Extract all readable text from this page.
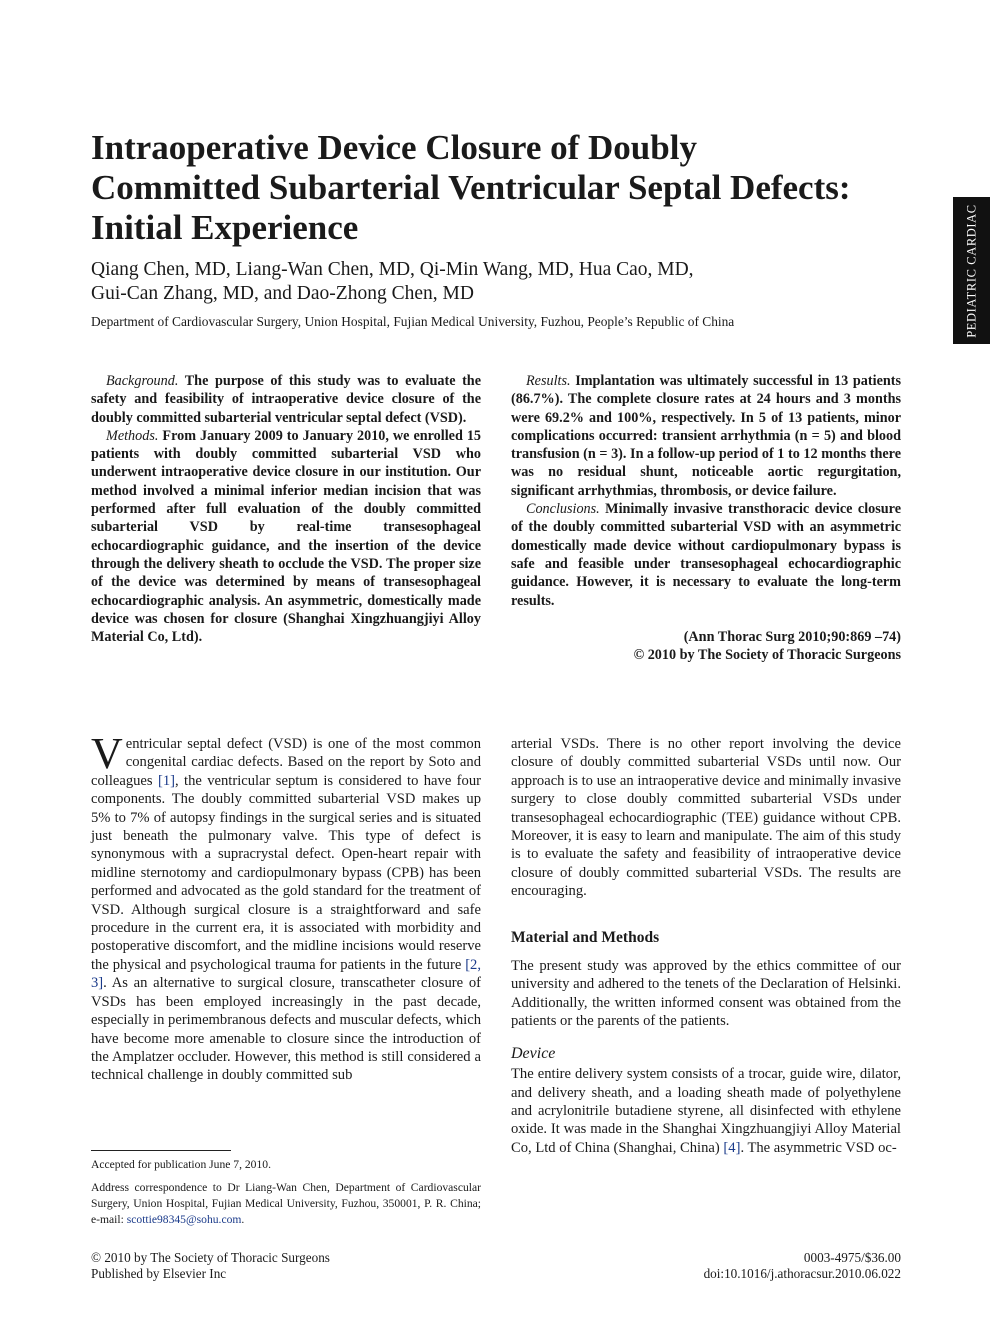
PEDIATRIC CARDIAC
Intraoperative Device Closure of Doubly
Committed Subarterial Ventricular Septal Defects:
Initial Experience
Qiang Chen, MD, Liang-Wan Chen, MD, Qi-Min Wang, MD, Hua Cao, MD,
Gui-Can Zhang, MD, and Dao-Zhong Chen, MD
Department of Cardiovascular Surgery, Union Hospital, Fujian Medical University, Fuzhou, People’s Republic of China

Background. The purpose of this study was to evaluate the safety and feasibility of intraoperative device closure of the doubly committed subarterial ventricular septal defect (VSD).

Methods. From January 2009 to January 2010, we enrolled 15 patients with doubly committed subarterial VSD who underwent intraoperative device closure in our institution. Our method involved a minimal inferior median incision that was performed after full evaluation of the doubly committed subarterial VSD by real-time transesophageal echocardiographic guidance, and the insertion of the device through the delivery sheath to occlude the VSD. The proper size of the device was determined by means of transesophageal echocardiographic analysis. An asymmetric, domestically made device was chosen for closure (Shanghai Xingzhuangjiyi Alloy Material Co, Ltd).

Results. Implantation was ultimately successful in 13 patients (86.7%). The complete closure rates at 24 hours and 3 months were 69.2% and 100%, respectively. In 5 of 13 patients, minor complications occurred: transient arrhythmia (n = 5) and blood transfusion (n = 3). In a follow-up period of 1 to 12 months there was no residual shunt, noticeable aortic regurgitation, significant arrhythmias, thrombosis, or device failure.

Conclusions. Minimally invasive transthoracic device closure of the doubly committed subarterial VSD with an asymmetric domestically made device without cardiopulmonary bypass is safe and feasible under transesophageal echocardiographic guidance. However, it is necessary to evaluate the long-term results.

(Ann Thorac Surg 2010;90:869 –74)

© 2010 by The Society of Thoracic Surgeons

Ventricular septal defect (VSD) is one of the most common congenital cardiac defects. Based on the report by Soto and colleagues [1], the ventricular septum is considered to have four components. The doubly committed subarterial VSD makes up 5% to 7% of autopsy findings in the surgical series and is situated just beneath the pulmonary valve. This type of defect is synonymous with a supracrystal defect. Open-heart repair with midline sternotomy and cardiopulmonary bypass (CPB) has been performed and advocated as the gold standard for the treatment of VSD. Although surgical closure is a straightforward and safe procedure in the current era, it is associated with morbidity and postoperative discomfort, and the midline incisions would reserve the physical and psychological trauma for patients in the future [2, 3]. As an alternative to surgical closure, transcatheter closure of VSDs has been employed increasingly in the past decade, especially in perimembranous defects and muscular defects, which have become more amenable to closure since the introduction of the Amplatzer occluder. However, this method is still considered a technical challenge in doubly committed sub

arterial VSDs. There is no other report involving the device closure of doubly committed subarterial VSDs until now. Our approach is to use an intraoperative device and minimally invasive surgery to close doubly committed subarterial VSDs under transesophageal echocardiographic (TEE) guidance without CPB. Moreover, it is easy to learn and manipulate. The aim of this study is to evaluate the safety and feasibility of intraoperative device closure of doubly committed subarterial VSDs. The results are encouraging.

Material and Methods

The present study was approved by the ethics committee of our university and adhered to the tenets of the Declaration of Helsinki. Additionally, the written informed consent was obtained from the patients or the parents of the patients.

Device

The entire delivery system consists of a trocar, guide wire, dilator, and delivery sheath, and a loading sheath made of polyethylene and acrylonitrile butadiene styrene, all disinfected with ethylene oxide. It was made in the Shanghai Xingzhuangjiyi Alloy Material Co, Ltd of China (Shanghai, China) [4]. The asymmetric VSD oc-

Accepted for publication June 7, 2010.

Address correspondence to Dr Liang-Wan Chen, Department of Cardiovascular Surgery, Union Hospital, Fujian Medical University, Fuzhou, 350001, P. R. China; e-mail: scottie98345@sohu.com.

© 2010 by The Society of Thoracic Surgeons
Published by Elsevier Inc
0003-4975/$36.00
doi:10.1016/j.athoracsur.2010.06.022
